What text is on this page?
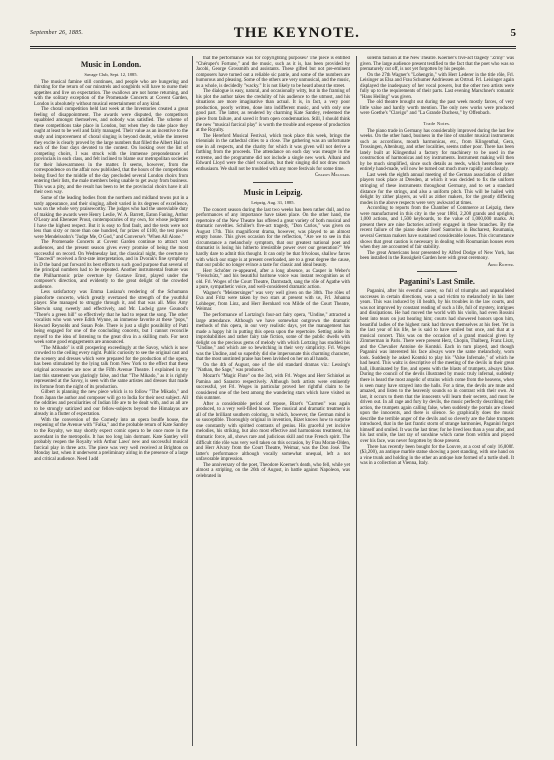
September 26, 1885.	THE KEYNOTE.	5
Music in London.
Savage Club, Sept. 12, 1885.

The musical famine still continues, and people who are hungering and thirsting for the return of our minstrels and songbirds will have to nurse their appetites and live on expectation. The swallows are not home returning, and with the solitary exception of the Promenade Concerts at Covent Garden, London is absolutely without musical entertainment of any kind.

The choral competition held last week at the Inventories created a great feeling of disappointment. The awards were disputed, the competitors squabbled amongst themselves, and nobody was satisfied. The scheme of these competitions take place in London, but when they do take place they ought at least to be well and fairly managed. Their value as an incentive to the study and improvement of choral singing is beyond doubt, while the interest they excite is clearly proved by the large numbers that filled the Albert Hall on each of the four days devoted to the contest. On looking over the list of competing choirs, I was struck with the immense preponderance of provincials in each class, and felt inclined to blame our metropolitan societies for their lukewarmness in the matter. It seems, however, from the correspondence on the affair now published, that the hours of the competitions being fixed for the middle of the day precluded several London choirs from entering their lists, the male members being unable to get away from business. This was a pity, and the result has been to let the provincial choirs have it all their own way.

Some of the leading bodies from the northern and midland towns put in a tardy appearance, and their singing, albeit varied in its degrees of excellence, was on the whole very praiseworthy. The judges who had the unenviable duty of making the awards were Henry Leslie, W. A. Barrett, Eaton Faning, Arthur O'Leary and Ebenezer Prout, contemporaries of my own, for whose judgment I have the highest respect. But it is easy to find fault, and the tests were not less than sixty or more than one hundred, for prizes of £100, the test pieces were Mendelssohn's "Judge Me, O God," and Converse's "When All Alone."

The Promenade Concerts at Covent Garden continue to attract vast audiences, and the present season gives every promise of being the most successful on record. On Wednesday last, the classical night, the overture to "Tancredi" received a first-rate interpretation, and in Dvorak's fine symphony in D the band put forward its best efforts to such good purpose that several of the principal numbers had to be repeated. Another instrumental feature was the Philharmonic prize overture by Gustave Ernst, played under the composer's direction, and evidently to the great delight of the crowded audience.

Less satisfactory was Emma Lusiana's rendering of the Schumann pianoforte concerto, which greatly overtaxed the strength of the youthful player. She managed to struggle through it, and that was all. Miss Amy Sherwin sang sweetly and effectively, and Mr. Ludwig gave Gounod's "There's a green hill" so effectively that he had to repeat the song. The other vocalists who won were Edith Wynne, an immense favorite at these "pops," Howard Reynolds and Susan Pole. There is just a slight possibility of Patti being engaged for one of the concluding concerts, but I cannot reconcile myself to the idea of listening to the great diva in a skilling mob. For next week some good engagements are announced.

"The Mikado" is still prospering exceedingly at the Savoy, which is now crowded to the ceiling every night. Public curiosity to see the original cast and the scenery and dresses which were prepared for the production of the opera, has been stimulated by the lying talk from New York to the effect that these original accessories are now at the Fifth Avenue Theatre. I explained in my last this statement was glaringly false, and that "The Mikado," as it is rightly represented at the Savoy, is seen with the same artistes and dresses that made its fortune from the night of its production.

Gilbert is planning the new piece which is to follow "The Mikado," and from Japan the author and composer will go to India for their next subject. All the oddities and peculiarities of Indian life are to be dealt with, and as all are to be strongly satirized and our fellow-subjects beyond the Himalayas are already in a flutter of expectation.

With the conversion of the Comedy into an opera bouffe house, the reopening of the Avenue with "Falka," and the probable return of Kate Santley to the Royalty, we may shortly expect comic opera to be once more in the ascendant in the metropolis. It has too long lain dormant. Kate Santley will probably reopen the Royalty with Arthur Laws' new and successful musical farcical play in three acts. The piece was very well received at Brighton on Monday last, when it underwent a preliminary airing in the presence of a large and critical audience. Need I add

that the performance was for copyrighting purposes? The piece is entitled "Chéruper's Fortune," and the music, such as it is, has been provided by Jacobi, George Grossmith and assistants. These gifted but not pre-eminent composers have turned out a reliable sic patrie, and some of the numbers are humorous and pleasing. Some of the others are very unmusical, and the music, as a whole, is decidedly "wacky." It is not likely to be heard about the street.

The dialogue is easy, natural, and occasionally witty, but in the framing of his plot the author takes the credulity of his audience to the utmost, and his situations are more imaginative than actual. It is, in fact, a very poor production, poorly written, done into indifferent music, and with only one good part. The latter, as rendered by charming Kate Santley, redeemed the piece from failure, and saved it from open condemnation. Still, I should think the new "musical farcical play" is worth the trouble and expense of production at the Royalty.

The Hereford Musical Festival, which took place this week, brings the triennials in the cathedral cities to a close. The gathering was an unfortunate one in all respects, and the charity for which it was given will not derive a farthing from the proceeds. The attendance on each day was meagre in the extreme, and the programme did not include a single new work. Albani and Edward Lloyd were the chief vocalists, but their singing did not draw much enthusiasm. We shall not be troubled with any more festivals for some time.

Charles Millward.
Music in Leipzig.
Leipzig, Aug. 31, 1885.

The concert season during the last two weeks has been rather dull, and no performances of any importance have taken place. On the other hand, the repertoire of the New Theatre has offered a great variety of both musical and dramatic novelties. Schiller's five-act tragedy, "Don Carlos," was given on August 17th. This magnificent drama, however, was played to an almost empty house. This gives occasion for the reflection, "Are we to see in this circumstance a melancholy symptom, that our greatest national poet and dramatist is losing his hitherto irresistible power over our generation?" We hardly dare to admit this thought. It can only be that frivolous, shallow farces with which our stage is at present overloaded, are to a great degree the cause, that our public no longer evince a taste for classic and ideal beauty.

Herr Schröter re-appeared, after a long absence, as Casper in Weber's "Freischütz," and his beautiful baritone voice was instant recognition as of old. Frl. Woges of the Court Theatre, Darmstadt, sang the rôle of Agathe with a pure, sympathetic voice, and well-considered dramatic action.

Wagner's "Meistersinger" was very well given on the 30th. The rôles of Eva and Fritz were taken by two stars at present with us, Frl. Johanna Lohbeger, from Linz, and Herr Bernhard von Milde of the Court Theatre, Weimar.

The performance of Lortzing's four-act fairy opera, "Undine," attracted a large attendance. Although we have somewhat outgrown the dramatic methods of this opera, in our very realistic days, yet the management has made a happy hit in putting this opera upon the repertoire. Setting aside its improbabilities and rather fairy tale fiction, some of the public dwells with delight on the precious gems of melody with which Lortzing has studded his "Undine," and which are so bewitching in their very simplicity. Frl. Woges was the Undine, and so superbly did she impersonate this charming character, that the most unstinted praise has been lavished on her on all hands.

On the 4th of August, one of the old standard dramas viz.: Lessing's "Nathan, the Sage," was produced.

Mozart's "Magic Flute" on the 3rd, with Frl. Woges and Herr Schinkel as Pamina and Sarastro respectively. Although both artists were eminently successful, yet Frl. Woges in particular proved her rightful claim to be considered one of the best among the wandering stars which have visited us this summer.

After a considerable period of repose, Bizet's "Carmen" was again produced, to a very well-filled house. The musical and dramatic treatment is all of the brilliant southern coloring, to which, however, the German mind is so susceptible. Thoroughly original in invention, Bizet knows how to surprise one constantly with spirited contrasts of genius. His graceful yet incisive melodies, his striking, but also most effective and harmonious treatment, his dramatic force, all, shows rare and judicious skill and true French spirit. The difficult title rôle was very well taken on this occasion, by Frau Moran-Olden, and Herr Alvary from the Court Theatre, Weimar, was the Don José. The latter's performance although vocally somewhat unequal, left a not unfavorable impression.

The anniversary of the poet, Theodore Koerner's death, who fell, while yet almost a stripling, on the 26th of August, in battle against Napoleon, was celebrated in

solemn fashion at the New Theatre. Koerner's five-act tragedy "Zriny" was given. The large audience present testified to the fact that the poet who was so prematurely cut off, is not yet forgotten by his people.

On the 27th Wagner's "Lohengrin," with Herr Lederer in the title rôle, Frl. Leisinger as Elsa and Frau Schumer Andriessen as Ortrud. Frl. Leisinger again displayed the inadequacy of her vocal powers, but the other two artists were fully up to the requirements of their parts. Last evening Marschner's romantic "Hans Heiling" was given.

The old theatre brought out during the past week mostly farces, of very little value and hardly worth mention. The only new works were produced were Goethe's "Clavigo" and "La Grande Duchess," by Offenbach.

Trade Notes.

The piano trade in Germany has considerably improved during the last few weeks. On the other hand, business in the line of smaller musical instruments such as accordions, mouth harmonicas, etc., from Klingenthal, Gera, Trossingen, Altenburg, and other localities, seems rather poor. There has been lately built at Klingenthal a factory for machinery to be used in the construction of harmonicas and toy instruments. Instrument making will then by be much simplified, since such details as reeds, which heretofore were entirely hand-made, will now be turned out much more rapidly and cheaply.

Last week the eighth annual meeting of the German association of zither players took place at Dresden, at which it was decided to fix the uniform stringing of these instruments throughout Germany, and to set a standard distance for the strings, and also a uniform pitch. This will be hailed with delight by zither players, as will as zither makers, for the greatly differing modes in the above respects were very awkward at times.

According to reports from the Chamber of Commerce at Leipzig, there were manufactured in this city in the year 1884, 2,200 grands and uprights, 1,000 actions, and 1,500 keyboards, to the value of 1,000,000 marks. At present there are nine factories actively engaged in these branches. By the recent failure of the piano dealer Josef Santorius in Bucharest, Roumania, several German makers have sustained considerable losses. This circumstance shows that great caution is necessary in dealing with Roumanian houses even when they are accounted of fair stability.

The great Americans hear presented by Alfred Dodge of New York, has been installed in the Rossigkeit Garden here with great ceremony.

Arno Richter.
Paganini's Last Smile.

Paganini, after his eventful career, so full of triumphs and unparalleled successes in certain directions, was a sad victim to melancholy in his later years. This was induced by ill health, by his troubles in the law courts, and was not improved by constant reading of such a life, full of mystery, intrigues and dissipations. He had moved the world with his violin, had even Rossini bent into tears on just hearing him; courts had showered honors upon him, beautiful ladies of the highest rank had thrown themselves at his feet. Yet in the last year of his life, he is said to have smiled but once, and that at a musical concert. This was on the occasion of a grand musical given by Zimmerman in Paris. There were present Herz, Chopin, Thalberg, Franz Liszt, and the Chevalier Antoine de Kontski. Each in turn played, and though Paganini was interested his face always wore the same melancholy, worn look. Suddenly he asked Kontski to play his "Valse Infernale," of which he had heard. This waltz is descriptive of the meeting of the devils in their great hall, illuminated by fire, and opens with the blasts of trumpets, always false. During the council of the devils illustrated by music truly infernal, suddenly there is heard the most angelic of strains which come from the heavens, when is seen many have strayed into the halls. For a time, the devils are mute and amazed, and listen to the heavenly sounds so in contrast with their own. At last, it occurs to them that the innocents will learn their secrets, and must be driven out. In all rage and fury by devils, the music perfectly describing their action, the trumpets again calling false, when suddenly the portals are closed upon the innocents, and there is silence. So graphically does the music describe the terrible anger of the devils and so cleverly are the false trumpets introduced, that in the last frantic storm of strange harmonies, Paganini forgot himself and smiled. It was the last time; for he lived less than a year after, and his last smile, the last ray of sunshine which came from within and played over his face, was never forgotten by those present.

There has recently been bought for the Louvre, at a cost of only 16,000f. ($3,200), an antique marble statue showing a poet standing, with one hand on a vine trunk and holding in the other an antique lute formed of a turtle shell. It was in a collection at Vienna, Italy.
